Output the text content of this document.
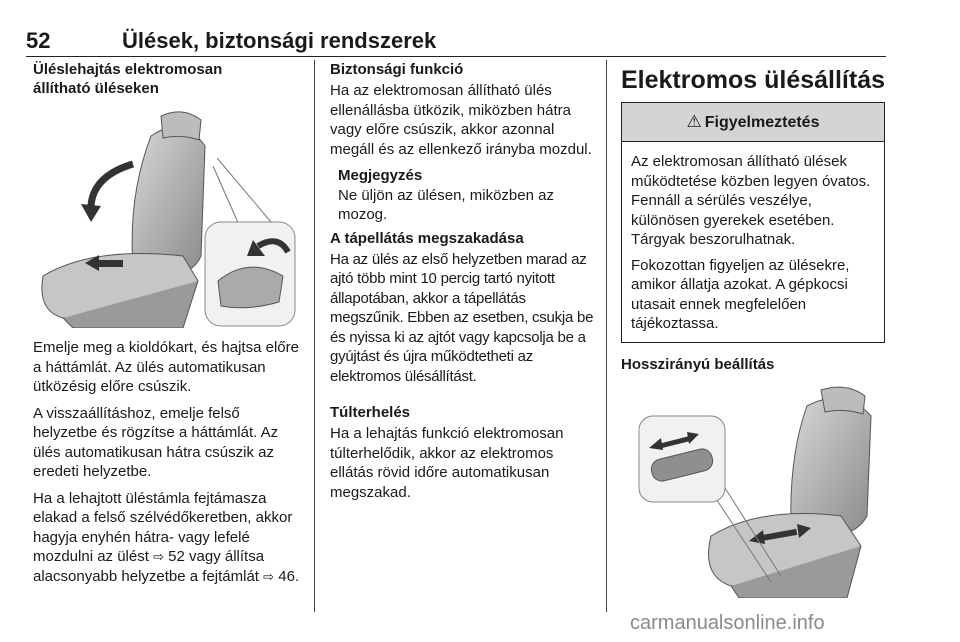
52	Ülések, biztonsági rendszerek
Üléslehajtás elektromosan
állítható üléseken

Emelje meg a kioldókart, és hajtsa előre a háttámlát. Az ülés automatikusan ütközésig előre csúszik.

A visszaállításhoz, emelje felső helyzetbe és rögzítse a háttámlát. Az ülés automatikusan hátra csúszik az eredeti helyzetbe.

Ha a lehajtott üléstámla fejtámasza elakad a felső szélvédőkeretben, akkor hagyja enyhén hátra- vagy lefelé mozdulni az ülést ⇨ 52 vagy állítsa alacsonyabb helyzetbe a fejtámlát ⇨ 46.

Biztonsági funkció

Ha az elektromosan állítható ülés ellenállásba ütközik, miközben hátra vagy előre csúszik, akkor azonnal megáll és az ellenkező irányba mozdul.

Megjegyzés
Ne üljön az ülésen, miközben az mozog.

A tápellátás megszakadása

Ha az ülés az első helyzetben marad az ajtó több mint 10 percig tartó nyitott állapotában, akkor a tápellátás megszűnik. Ebben az esetben, csukja be és nyissa ki az ajtót vagy kapcsolja be a gyújtást és újra működtetheti az elektromos ülésállítást.

Túlterhelés

Ha a lehajtás funkció elektromosan túlterhelődik, akkor az elektromos ellátás rövid időre automatikusan megszakad.

Elektromos ülésállítás
⚠ Figyelmeztetés

Az elektromosan állítható ülések működtetése közben legyen óvatos. Fennáll a sérülés veszélye, különösen gyerekek esetében. Tárgyak beszorulhatnak.

Fokozottan figyeljen az ülésekre, amikor állatja azokat. A gépkocsi utasait ennek megfelelően tájékoztassa.

Hosszirányú beállítás
carmanualsonline.info
